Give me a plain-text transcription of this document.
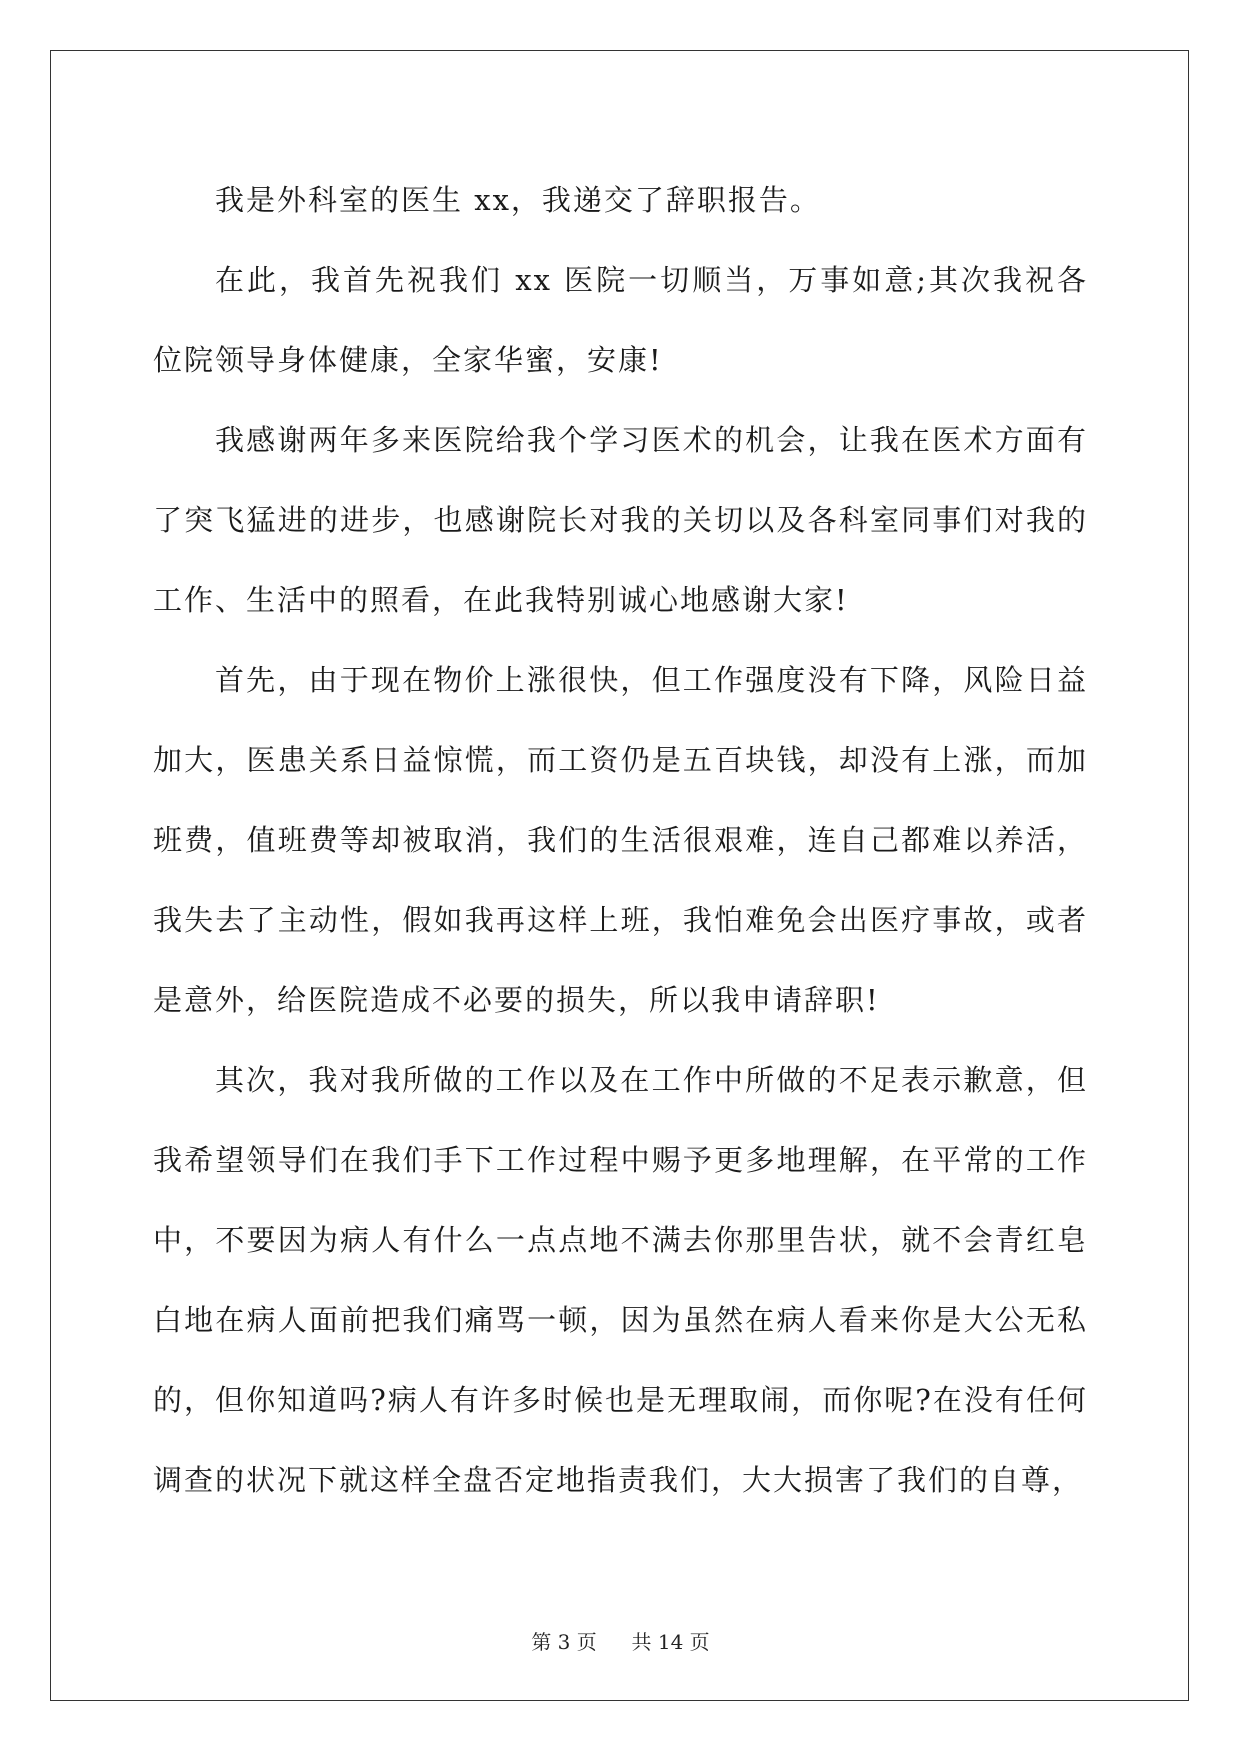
我是外科室的医生 xx，我递交了辞职报告。

在此，我首先祝我们 xx 医院一切顺当，万事如意;其次我祝各位院领导身体健康，全家华蜜，安康!

我感谢两年多来医院给我个学习医术的机会，让我在医术方面有了突飞猛进的进步，也感谢院长对我的关切以及各科室同事们对我的工作、生活中的照看，在此我特别诚心地感谢大家!

首先，由于现在物价上涨很快，但工作强度没有下降，风险日益加大，医患关系日益惊慌，而工资仍是五百块钱，却没有上涨，而加班费，值班费等却被取消，我们的生活很艰难，连自己都难以养活，我失去了主动性，假如我再这样上班，我怕难免会出医疗事故，或者是意外，给医院造成不必要的损失，所以我申请辞职!

其次，我对我所做的工作以及在工作中所做的不足表示歉意，但我希望领导们在我们手下工作过程中赐予更多地理解，在平常的工作中，不要因为病人有什么一点点地不满去你那里告状，就不会青红皂白地在病人面前把我们痛骂一顿，因为虽然在病人看来你是大公无私的，但你知道吗?病人有许多时候也是无理取闹，而你呢?在没有任何调查的状况下就这样全盘否定地指责我们，大大损害了我们的自尊，

第 3 页 共 14 页
